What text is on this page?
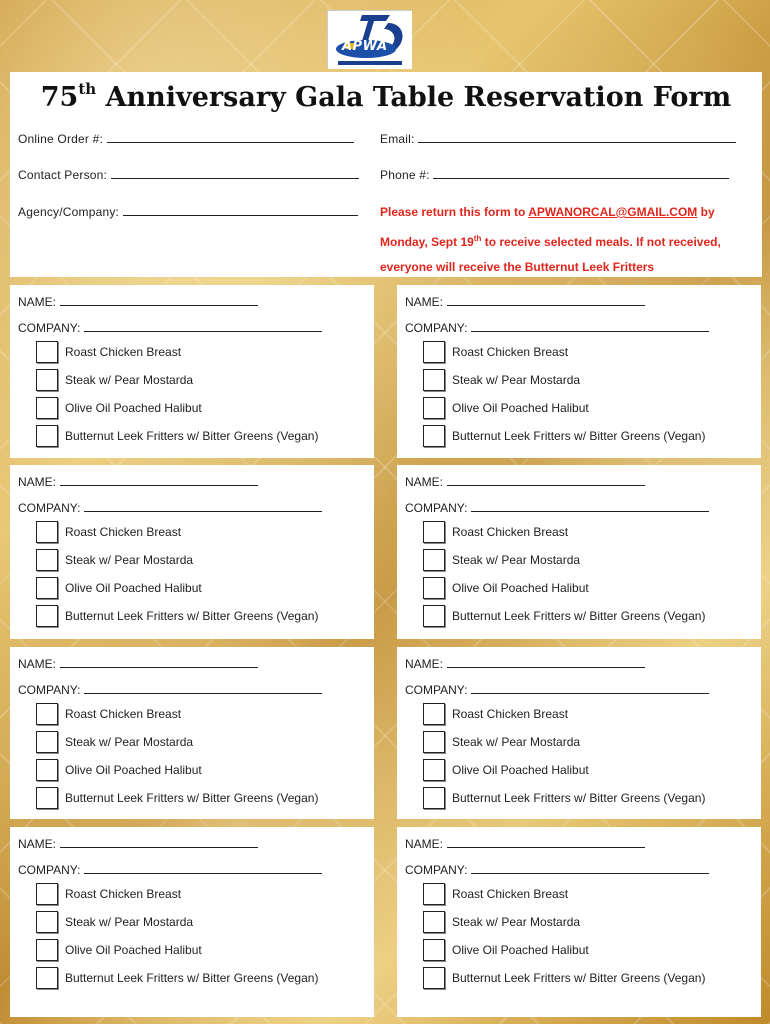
APWA
75th Anniversary Gala Table Reservation Form
Online Order #:	Email:
Contact Person:	Phone #:
Agency/Company:	Please return this form to APWANORCAL@GMAIL.COM by
Monday, Sept 19th to receive selected meals. If not received,
everyone will receive the Butternut Leek Fritters
NAME:
COMPANY:
Roast Chicken Breast
Steak w/ Pear Mostarda
Olive Oil Poached Halibut
Butternut Leek Fritters w/ Bitter Greens (Vegan)
NAME:
COMPANY:
Roast Chicken Breast
Steak w/ Pear Mostarda
Olive Oil Poached Halibut
Butternut Leek Fritters w/ Bitter Greens (Vegan)
NAME:
COMPANY:
Roast Chicken Breast
Steak w/ Pear Mostarda
Olive Oil Poached Halibut
Butternut Leek Fritters w/ Bitter Greens (Vegan)
NAME:
COMPANY:
Roast Chicken Breast
Steak w/ Pear Mostarda
Olive Oil Poached Halibut
Butternut Leek Fritters w/ Bitter Greens (Vegan)
NAME:
COMPANY:
Roast Chicken Breast
Steak w/ Pear Mostarda
Olive Oil Poached Halibut
Butternut Leek Fritters w/ Bitter Greens (Vegan)
NAME:
COMPANY:
Roast Chicken Breast
Steak w/ Pear Mostarda
Olive Oil Poached Halibut
Butternut Leek Fritters w/ Bitter Greens (Vegan)
NAME:
COMPANY:
Roast Chicken Breast
Steak w/ Pear Mostarda
Olive Oil Poached Halibut
Butternut Leek Fritters w/ Bitter Greens (Vegan)
NAME:
COMPANY:
Roast Chicken Breast
Steak w/ Pear Mostarda
Olive Oil Poached Halibut
Butternut Leek Fritters w/ Bitter Greens (Vegan)
